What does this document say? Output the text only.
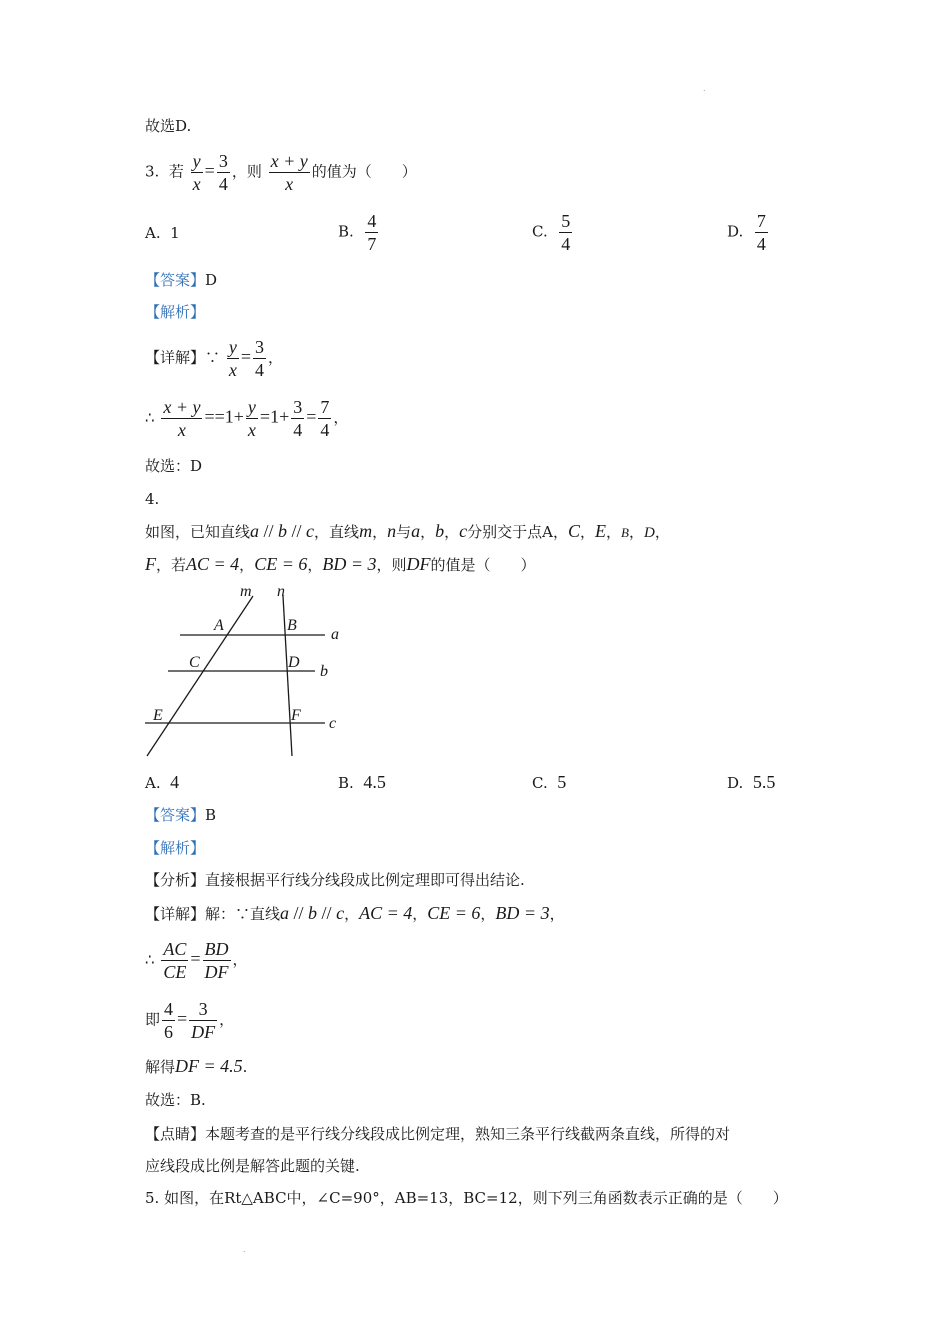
.
.
故选D.
3. 若 $\frac{y}{x} = \frac{3}{4}$ ，则 $\frac{x + y}{x}$ 的值为（　　）
A. 1	B. $\frac{4}{7}$	C. $\frac{5}{4}$	D. $\frac{7}{4}$
【答案】D
【解析】
【详解】∵ $\frac{y}{x} = \frac{3}{4}$ ，
∴ $\frac{x + y}{x} ==1+ \frac{y}{x} =1+ \frac{3}{4} = \frac{7}{4}$ ，
故选：D
4.
如图，已知直线a // b // c，直线m，n与a，b，c分别交于点A，C，E，B，D，
F，若AC = 4，CE = 6，BD = 3，则DF的值是（　　）
m n
A	B
a
C	D
b
E	F c
A. 4	B. 4.5	C. 5	D. 5.5
【答案】B
【解析】
【分析】直接根据平行线分线段成比例定理即可得出结论.
【详解】解：∵直线a // b // c，AC = 4，CE = 6，BD = 3，
∴ $\frac{AC}{CE} = \frac{BD}{DF}$ ，
即 $\frac{4}{6} = \frac{3}{DF}$ ，
解得DF = 4.5.
故选：B.
【点睛】本题考查的是平行线分线段成比例定理，熟知三条平行线截两条直线，所得的对
应线段成比例是解答此题的关键.
5. 如图，在Rt△ABC中，∠C=90°，AB=13，BC=12，则下列三角函数表示正确的是（　　）
